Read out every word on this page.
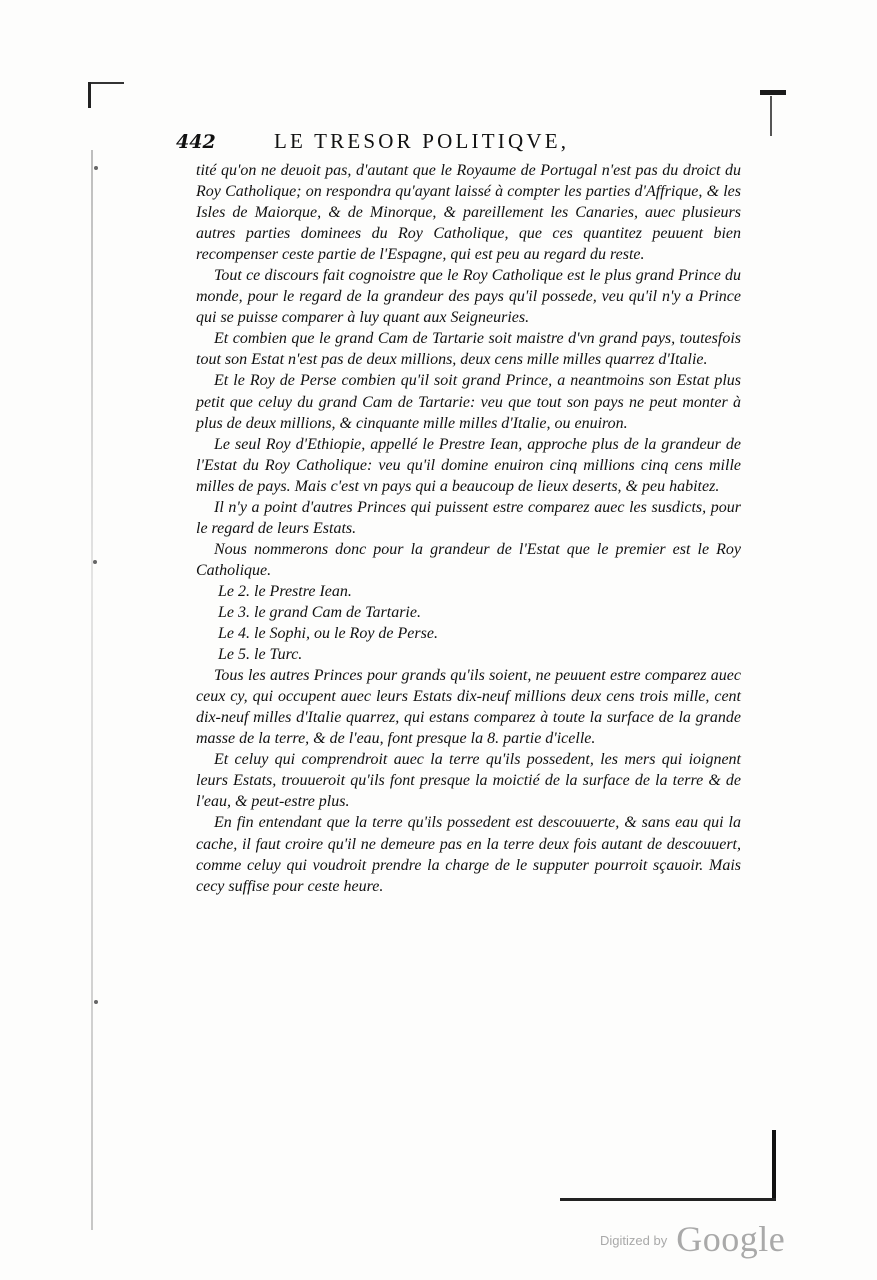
442	LE TRESOR POLITIQVE,

tité qu'on ne deuoit pas, d'autant que le Royaume de Portugal n'est pas du droict du Roy Catholique; on respondra qu'ayant laissé à compter les parties d'Affrique, & les Isles de Maiorque, & de Minorque, & pareillement les Canaries, auec plusieurs autres parties dominees du Roy Catholique, que ces quantitez peuuent bien recompenser ceste partie de l'Espagne, qui est peu au regard du reste.

Tout ce discours fait cognoistre que le Roy Catholique est le plus grand Prince du monde, pour le regard de la grandeur des pays qu'il possede, veu qu'il n'y a Prince qui se puisse comparer à luy quant aux Seigneuries.

Et combien que le grand Cam de Tartarie soit maistre d'vn grand pays, toutesfois tout son Estat n'est pas de deux millions, deux cens mille milles quarrez d'Italie.

Et le Roy de Perse combien qu'il soit grand Prince, a neantmoins son Estat plus petit que celuy du grand Cam de Tartarie: veu que tout son pays ne peut monter à plus de deux millions, & cinquante mille milles d'Italie, ou enuiron.

Le seul Roy d'Ethiopie, appellé le Prestre Iean, approche plus de la grandeur de l'Estat du Roy Catholique: veu qu'il domine enuiron cinq millions cinq cens mille milles de pays. Mais c'est vn pays qui a beaucoup de lieux deserts, & peu habitez.

Il n'y a point d'autres Princes qui puissent estre comparez auec les susdicts, pour le regard de leurs Estats.

Nous nommerons donc pour la grandeur de l'Estat que le premier est le Roy Catholique.

Le 2. le Prestre Iean.

Le 3. le grand Cam de Tartarie.

Le 4. le Sophi, ou le Roy de Perse.

Le 5. le Turc.

Tous les autres Princes pour grands qu'ils soient, ne peuuent estre comparez auec ceux cy, qui occupent auec leurs Estats dix-neuf millions deux cens trois mille, cent dix-neuf milles d'Italie quarrez, qui estans comparez à toute la surface de la grande masse de la terre, & de l'eau, font presque la 8. partie d'icelle.

Et celuy qui comprendroit auec la terre qu'ils possedent, les mers qui ioignent leurs Estats, trouueroit qu'ils font presque la moictié de la surface de la terre & de l'eau, & peut-estre plus.

En fin entendant que la terre qu'ils possedent est descouuerte, & sans eau qui la cache, il faut croire qu'il ne demeure pas en la terre deux fois autant de descouuert, comme celuy qui voudroit prendre la charge de le supputer pourroit sçauoir. Mais cecy suffise pour ceste heure.

$^{Digitized by}$ Google
